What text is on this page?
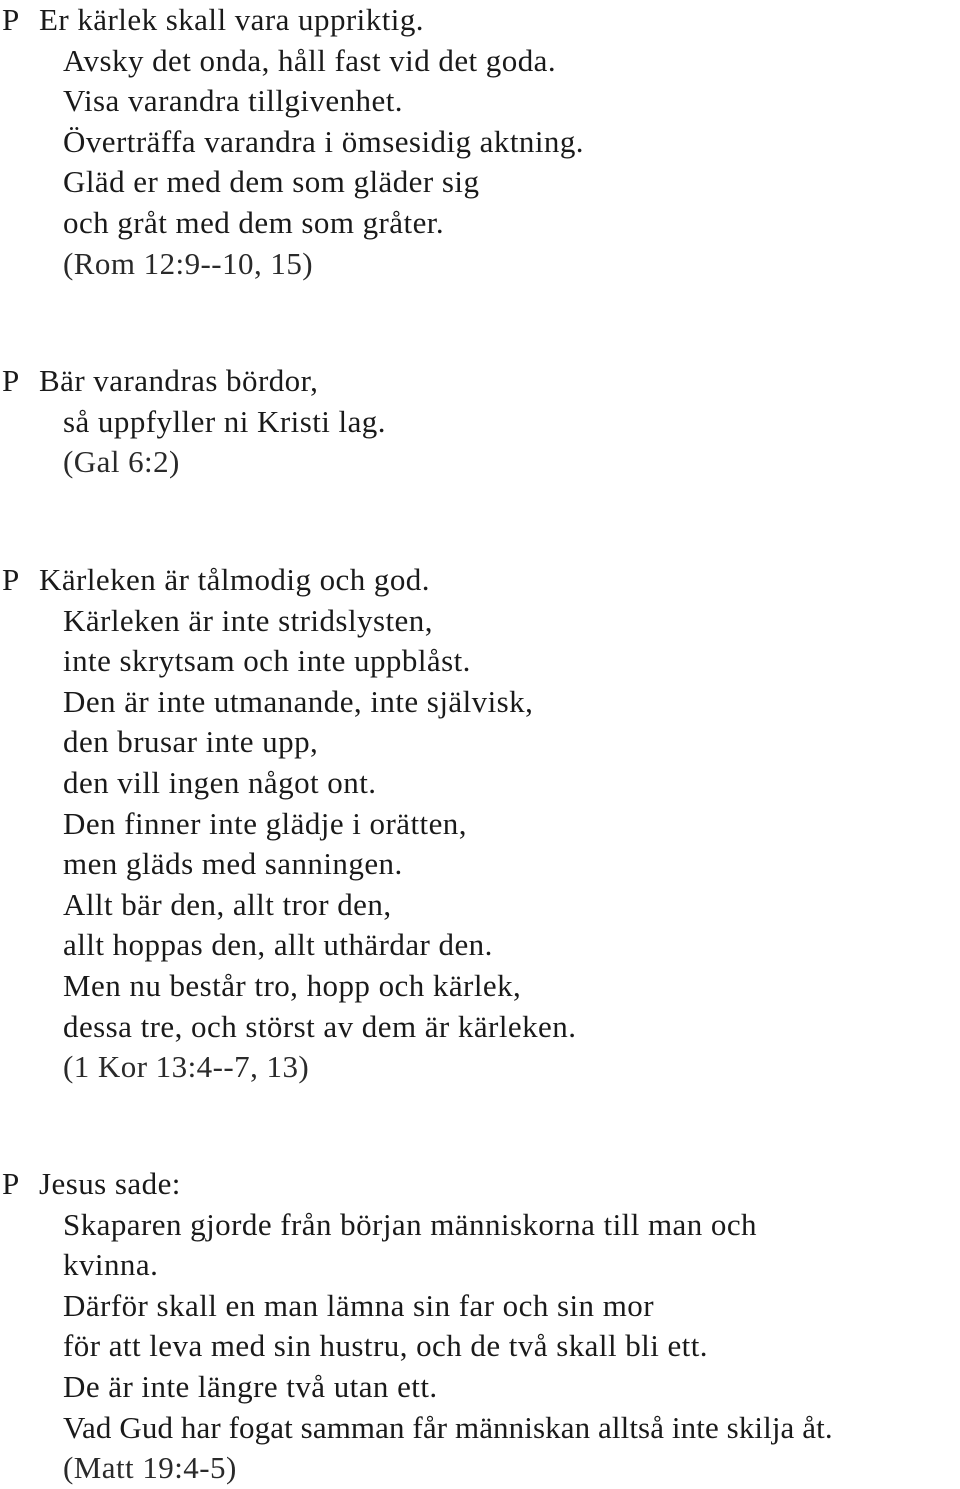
P Er kärlek skall vara uppriktig.
Avsky det onda, håll fast vid det goda.
Visa varandra tillgivenhet.
Överträffa varandra i ömsesidig aktning.
Gläd er med dem som gläder sig
och gråt med dem som gråter.
(Rom 12:9--10, 15)
P Bär varandras bördor,
så uppfyller ni Kristi lag.
(Gal 6:2)
P Kärleken är tålmodig och god.
Kärleken är inte stridslysten,
inte skrytsam och inte uppblåst.
Den är inte utmanande, inte självisk,
den brusar inte upp,
den vill ingen något ont.
Den finner inte glädje i orätten,
men gläds med sanningen.
Allt bär den, allt tror den,
allt hoppas den, allt uthärdar den.
Men nu består tro, hopp och kärlek,
dessa tre, och störst av dem är kärleken.
(1 Kor 13:4--7, 13)
P Jesus sade:
Skaparen gjorde från början människorna till man och
kvinna.
Därför skall en man lämna sin far och sin mor
för att leva med sin hustru, och de två skall bli ett.
De är inte längre två utan ett.
Vad Gud har fogat samman får människan alltså inte skilja åt.
(Matt 19:4-5)
